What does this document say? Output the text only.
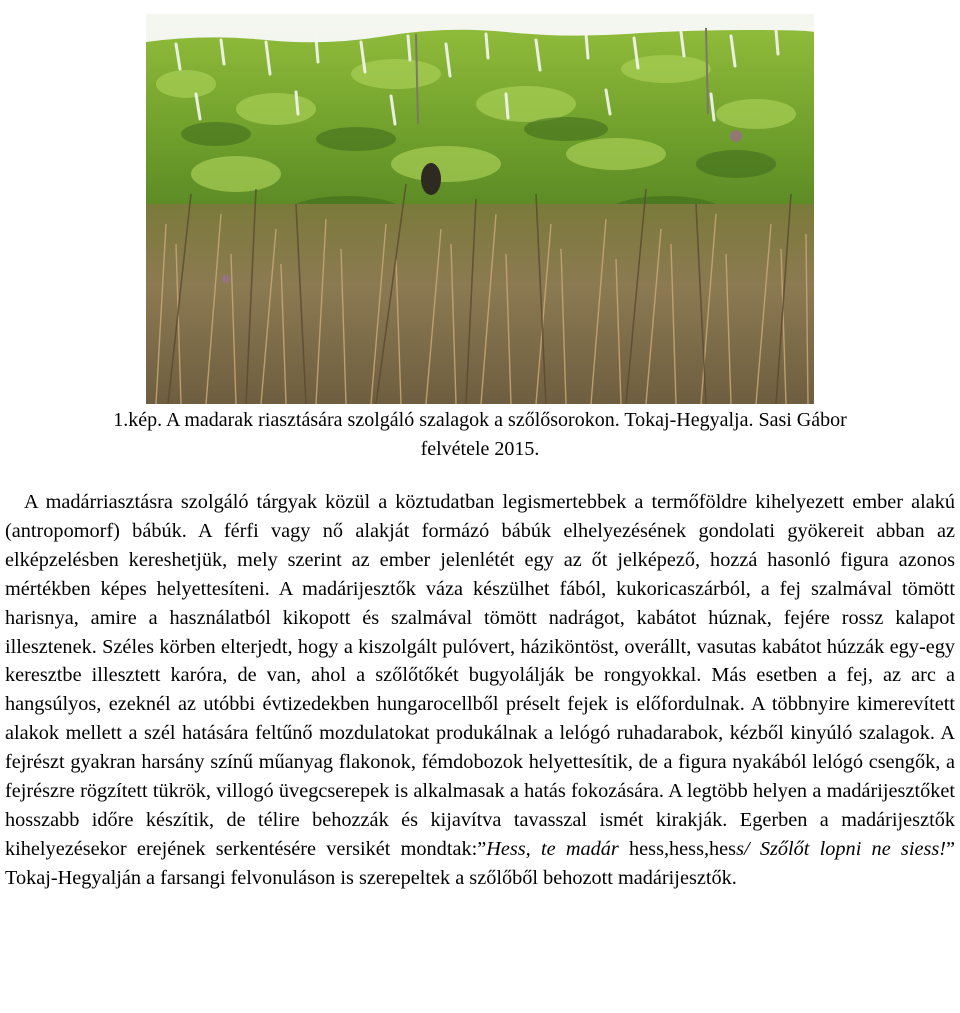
1.kép. A madarak riasztására szolgáló szalagok a szőlősorokon. Tokaj-Hegyalja. Sasi Gábor
felvétele 2015.

A madárriasztásra szolgáló tárgyak közül a köztudatban legismertebbek a termőföldre kihelyezett ember alakú (antropomorf) bábúk. A férfi vagy nő alakját formázó bábúk elhelyezésének gondolati gyökereit abban az elképzelésben kereshetjük, mely szerint az ember jelenlétét egy az őt jelképező, hozzá hasonló figura azonos mértékben képes helyettesíteni. A madárijesztők váza készülhet fából, kukoricaszárból, a fej szalmával tömött harisnya, amire a használatból kikopott és szalmával tömött nadrágot, kabátot húznak, fejére rossz kalapot illesztenek. Széles körben elterjedt, hogy a kiszolgált pulóvert, háziköntöst, overállt, vasutas kabátot húzzák egy-egy keresztbe illesztett karóra, de van, ahol a szőlőtőkét bugyolálják be rongyokkal. Más esetben a fej, az arc a hangsúlyos, ezeknél az utóbbi évtizedekben hungarocellből préselt fejek is előfordulnak. A többnyire kimerevített alakok mellett a szél hatására feltűnő mozdulatokat produkálnak a lelógó ruhadarabok, kézből kinyúló szalagok. A fejrészt gyakran harsány színű műanyag flakonok, fémdobozok helyettesítik, de a figura nyakából lelógó csengők, a fejrészre rögzített tükrök, villogó üvegcserepek is alkalmasak a hatás fokozására. A legtöbb helyen a madárijesztőket hosszabb időre készítik, de télire behozzák és kijavítva tavasszal ismét kirakják. Egerben a madárijesztők kihelyezésekor erejének serkentésére versikét mondtak:”Hess, te madár hess,hess,hess/ Szőlőt lopni ne siess!” Tokaj-Hegyalján a farsangi felvonuláson is szerepeltek a szőlőből behozott madárijesztők.
